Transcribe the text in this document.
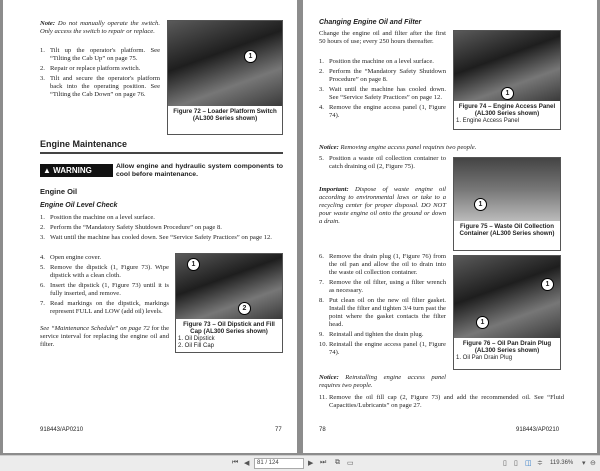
Note: Do not manually operate the switch. Only access the switch to repair or replace.
1. Tilt up the operator's platform. See “Tilting the Cab Up” on page 75.
2. Repair or replace platform switch.
3. Tilt and secure the operator's platform back into the operating position. See “Tilting the Cab Down” on page 76.
1
Figure 72 – Loader Platform Switch (AL300 Series shown)
Engine Maintenance
▲ WARNING	Allow engine and hydraulic system components to cool before maintenance.
Engine Oil
Engine Oil Level Check
1. Position the machine on a level surface.
2. Perform the “Mandatory Safety Shutdown Procedure” on page 8.
3. Wait until the machine has cooled down. See “Service Safety Practices” on page 12.
4. Open engine cover.
5. Remove the dipstick (1, Figure 73). Wipe dipstick with a clean cloth.
6. Insert the dipstick (1, Figure 73) until it is fully inserted, and remove.
7. Read markings on the dipstick, markings represent FULL and LOW (add oil) levels.
See “Maintenance Schedule” on page 72 for the service interval for replacing the engine oil and filter.
1
2
Figure 73 – Oil Dipstick and Fill Cap (AL300 Series shown)
1. Oil Dipstick
2. Oil Fill Cap
918443/AP0210	77
Changing Engine Oil and Filter
Change the engine oil and filter after the first 50 hours of use; every 250 hours thereafter.
1. Position the machine on a level surface.
2. Perform the “Mandatory Safety Shutdown Procedure” on page 8.
3. Wait until the machine has cooled down. See “Service Safety Practices” on page 12.
4. Remove the engine access panel (1, Figure 74).
Notice: Removing engine access panel requires two people.
5. Position a waste oil collection container to catch draining oil (2, Figure 75).
Important: Dispose of waste engine oil according to environmental laws or take to a recycling center for proper disposal. DO NOT pour waste engine oil onto the ground or down a drain.
6. Remove the drain plug (1, Figure 76) from the oil pan and allow the oil to drain into the waste oil collection container.
7. Remove the oil filter, using a filter wrench as necessary.
8. Put clean oil on the new oil filter gasket. Install the filter and tighten 3/4 turn past the point where the gasket contacts the filter head.
9. Reinstall and tighten the drain plug.
10. Reinstall the engine access panel (1, Figure 74).
Notice: Reinstalling engine access panel requires two people.
11. Remove the oil fill cap (2, Figure 73) and add the recommended oil. See “Fluid Capacities/Lubricants” on page 27.
1
Figure 74 – Engine Access Panel (AL300 Series shown)
1. Engine Access Panel
1
Figure 75 – Waste Oil Collection Container (AL300 Series shown)
1
1
Figure 76 – Oil Pan Drain Plug (AL300 Series shown)
1. Oil Pan Drain Plug
78	918443/AP0210
⏮ ◀	81 / 124	▶ ⏭ ⧉ ▭	▯ ▯ ◫ ≑ 119.36% ▾ ⊖
